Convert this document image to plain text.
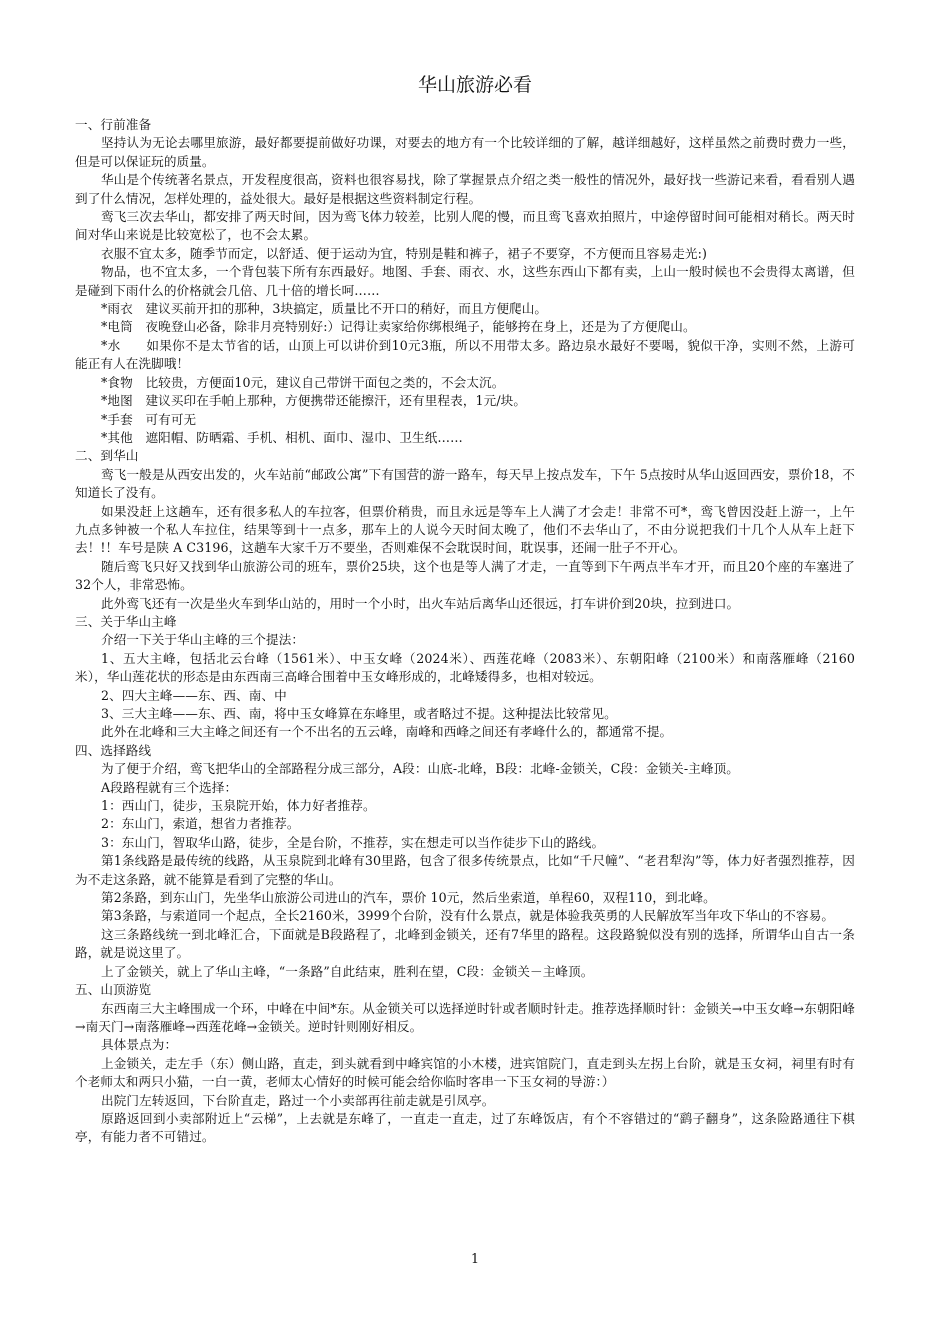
华山旅游必看

一、行前准备

坚持认为无论去哪里旅游，最好都要提前做好功课，对要去的地方有一个比较详细的了解，越详细越好，这样虽然之前费时费力一些，但是可以保证玩的质量。

华山是个传统著名景点，开发程度很高，资料也很容易找，除了掌握景点介绍之类一般性的情况外，最好找一些游记来看，看看别人遇到了什么情况，怎样处理的，益处很大。最好是根据这些资料制定行程。

鸾飞三次去华山，都安排了两天时间，因为鸾飞体力较差，比别人爬的慢，而且鸾飞喜欢拍照片，中途停留时间可能相对稍长。两天时间对华山来说是比较宽松了，也不会太累。

衣服不宜太多，随季节而定，以舒适、便于运动为宜，特别是鞋和裤子，裙子不要穿，不方便而且容易走光:)

物品，也不宜太多，一个背包装下所有东西最好。地图、手套、雨衣、水，这些东西山下都有卖，上山一般时候也不会贵得太离谱，但是碰到下雨什么的价格就会几倍、几十倍的增长呵……

*雨衣　建议买前开扣的那种，3块搞定，质量比不开口的稍好，而且方便爬山。

*电筒　夜晚登山必备，除非月亮特别好:）记得让卖家给你绑根绳子，能够挎在身上，还是为了方便爬山。

*水　　如果你不是太节省的话，山顶上可以讲价到10元3瓶，所以不用带太多。路边泉水最好不要喝，貌似干净，实则不然，上游可能正有人在洗脚哦！

*食物　比较贵，方便面10元，建议自己带饼干面包之类的，不会太沉。

*地图　建议买印在手帕上那种，方便携带还能擦汗，还有里程表，1元/块。

*手套　可有可无

*其他　遮阳帽、防晒霜、手机、相机、面巾、湿巾、卫生纸……

二、到华山

鸾飞一般是从西安出发的，火车站前“邮政公寓”下有国营的游一路车，每天早上按点发车，下午 5点按时从华山返回西安，票价18，不知道长了没有。

如果没赶上这趟车，还有很多私人的车拉客，但票价稍贵，而且永远是等车上人满了才会走！非常不可*，鸾飞曾因没赶上游一，上午九点多钟被一个私人车拉住，结果等到十一点多，那车上的人说今天时间太晚了，他们不去华山了，不由分说把我们十几个人从车上赶下去！!！车号是陕 A C3196，这趟车大家千万不要坐，否则难保不会耽误时间，耽误事，还闹一肚子不开心。

随后鸾飞只好又找到华山旅游公司的班车，票价25块，这个也是等人满了才走，一直等到下午两点半车才开，而且20个座的车塞进了32个人，非常恐怖。

此外鸾飞还有一次是坐火车到华山站的，用时一个小时，出火车站后离华山还很远，打车讲价到20块，拉到进口。

三、关于华山主峰

介绍一下关于华山主峰的三个提法：

1、五大主峰，包括北云台峰（1561米）、中玉女峰（2024米）、西莲花峰（2083米）、东朝阳峰（2100米）和南落雁峰（2160米），华山莲花状的形态是由东西南三高峰合围着中玉女峰形成的，北峰矮得多，也相对较远。

2、四大主峰——东、西、南、中

3、三大主峰——东、西、南，将中玉女峰算在东峰里，或者略过不提。这种提法比较常见。

此外在北峰和三大主峰之间还有一个不出名的五云峰，南峰和西峰之间还有孝峰什么的，都通常不提。

四、选择路线

为了便于介绍，鸾飞把华山的全部路程分成三部分，A段：山底-北峰，B段：北峰-金锁关，C段：金锁关-主峰顶。

A段路程就有三个选择：

1：西山门，徒步，玉泉院开始，体力好者推荐。

2：东山门，索道，想省力者推荐。

3：东山门，智取华山路，徒步，全是台阶，不推荐，实在想走可以当作徒步下山的路线。

第1条线路是最传统的线路，从玉泉院到北峰有30里路，包含了很多传统景点，比如“千尺幢”、“老君犁沟”等，体力好者强烈推荐，因为不走这条路，就不能算是看到了完整的华山。

第2条路，到东山门，先坐华山旅游公司进山的汽车，票价 10元，然后坐索道，单程60，双程110，到北峰。

第3条路，与索道同一个起点，全长2160米，3999个台阶，没有什么景点，就是体验我英勇的人民解放军当年攻下华山的不容易。

这三条路线统一到北峰汇合，下面就是B段路程了，北峰到金锁关，还有7华里的路程。这段路貌似没有别的选择，所谓华山自古一条路，就是说这里了。

上了金锁关，就上了华山主峰，“一条路”自此结束，胜利在望，C段：金锁关－主峰顶。

五、山顶游览

东西南三大主峰围成一个环，中峰在中间*东。从金锁关可以选择逆时针或者顺时针走。推荐选择顺时针：金锁关→中玉女峰→东朝阳峰→南天门→南落雁峰→西莲花峰→金锁关。逆时针则刚好相反。

具体景点为：

上金锁关，走左手（东）侧山路，直走，到头就看到中峰宾馆的小木楼，进宾馆院门，直走到头左拐上台阶，就是玉女祠，祠里有时有个老师太和两只小猫，一白一黄，老师太心情好的时候可能会给你临时客串一下玉女祠的导游：）

出院门左转返回，下台阶直走，路过一个小卖部再往前走就是引凤亭。

原路返回到小卖部附近上“云梯”，上去就是东峰了，一直走一直走，过了东峰饭店，有个不容错过的“鹞子翻身”，这条险路通往下棋亭，有能力者不可错过。

1
